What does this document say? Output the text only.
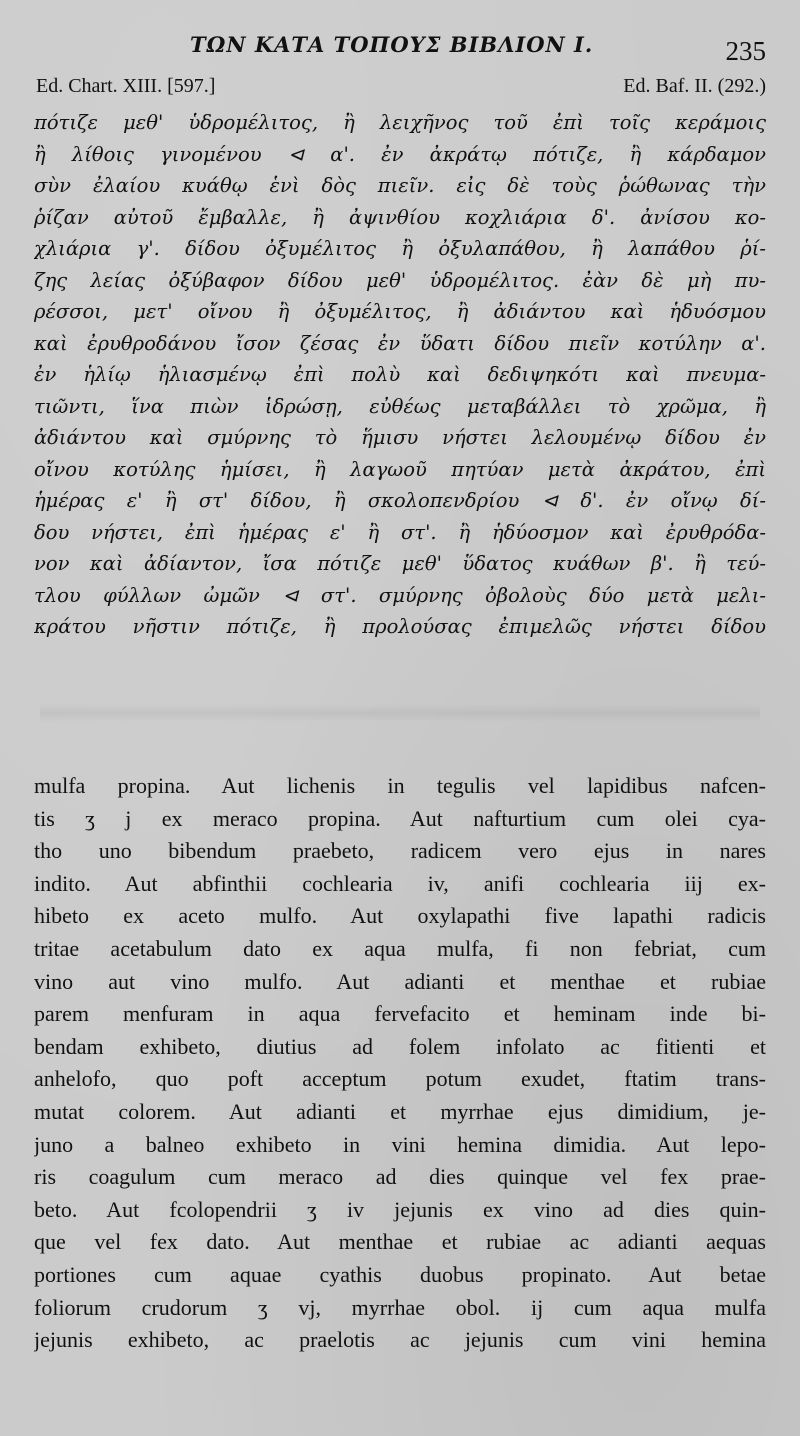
ΤΩΝ ΚΑΤΑ ΤΟΠΟΥΣ ΒΙΒΛΙΟΝ Ι.	235
Ed. Chart. XIII. [597.]	Ed. Baf. II. (292.)
πότιζε μεθ' ὑδρομέλιτος, ἢ λειχῆνος τοῦ ἐπὶ τοῖς κεράμοις
ἢ λίθοις γινομένου ⊲ α'. ἐν ἀκράτῳ πότιζε, ἢ κάρδαμον
σὺν ἐλαίου κυάθῳ ἑνὶ δὸς πιεῖν. εἰς δὲ τοὺς ῥώθωνας τὴν
ῥίζαν αὐτοῦ ἔμβαλλε, ἢ ἀψινθίου κοχλιάρια δ'. ἀνίσου κο-
χλιάρια γ'. δίδου ὀξυμέλιτος ἢ ὀξυλαπάθου, ἢ λαπάθου ῥί-
ζης λείας ὀξύβαφον δίδου μεθ' ὑδρομέλιτος. ἐὰν δὲ μὴ πυ-
ρέσσοι, μετ' οἴνου ἢ ὀξυμέλιτος, ἢ ἀδιάντου καὶ ἡδυόσμου
καὶ ἐρυθροδάνου ἴσον ζέσας ἐν ὕδατι δίδου πιεῖν κοτύλην α'.
ἐν ἡλίῳ ἡλιασμένῳ ἐπὶ πολὺ καὶ δεδιψηκότι καὶ πνευμα-
τιῶντι, ἵνα πιὼν ἱδρώσῃ, εὐθέως μεταβάλλει τὸ χρῶμα, ἢ
ἀδιάντου καὶ σμύρνης τὸ ἥμισυ νήστει λελουμένῳ δίδου ἐν
οἴνου κοτύλης ἡμίσει, ἢ λαγωοῦ πητύαν μετὰ ἀκράτου, ἐπὶ
ἡμέρας ε' ἢ στ' δίδου, ἢ σκολοπενδρίου ⊲ δ'. ἐν οἴνῳ δί-
δου νήστει, ἐπὶ ἡμέρας ε' ἢ στ'. ἢ ἡδύοσμον καὶ ἐρυθρόδα-
νον καὶ ἀδίαντον, ἴσα πότιζε μεθ' ὕδατος κυάθων β'. ἢ τεύ-
τλου φύλλων ὠμῶν ⊲ στ'. σμύρνης ὀβολοὺς δύο μετὰ μελι-
κράτου νῆστιν πότιζε, ἢ προλούσας ἐπιμελῶς νήστει δίδου
mulfa propina. Aut lichenis in tegulis vel lapidibus nafcen-
tis ʒ j ex meraco propina. Aut nafturtium cum olei cya-
tho uno bibendum praebeto, radicem vero ejus in nares
indito. Aut abfinthii cochlearia iv, anifi cochlearia iij ex-
hibeto ex aceto mulfo. Aut oxylapathi five lapathi radicis
tritae acetabulum dato ex aqua mulfa, fi non febriat, cum
vino aut vino mulfo. Aut adianti et menthae et rubiae
parem menfuram in aqua fervefacito et heminam inde bi-
bendam exhibeto, diutius ad folem infolato ac fitienti et
anhelofo, quo poft acceptum potum exudet, ftatim trans-
mutat colorem. Aut adianti et myrrhae ejus dimidium, je-
juno a balneo exhibeto in vini hemina dimidia. Aut lepo-
ris coagulum cum meraco ad dies quinque vel fex prae-
beto. Aut fcolopendrii ʒ iv jejunis ex vino ad dies quin-
que vel fex dato. Aut menthae et rubiae ac adianti aequas
portiones cum aquae cyathis duobus propinato. Aut betae
foliorum crudorum ʒ vj, myrrhae obol. ij cum aqua mulfa
jejunis exhibeto, ac praelotis ac jejunis cum vini hemina
